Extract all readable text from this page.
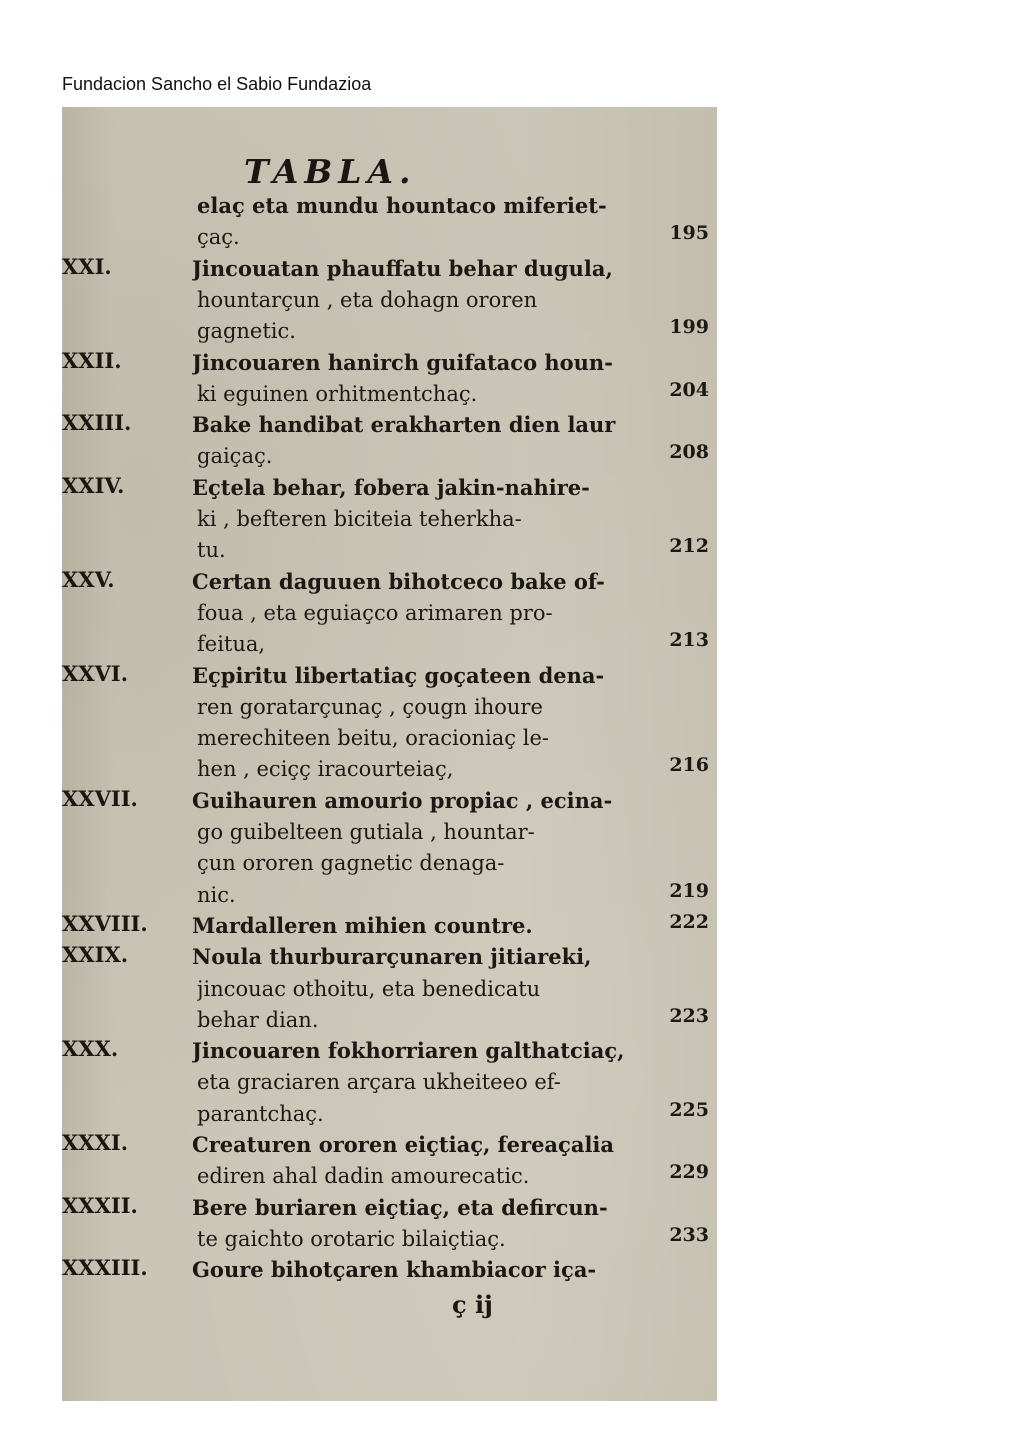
Fundacion Sancho el Sabio Fundazioa
TABLA.
elaç eta mundu hountaco miferiet-
çaç.	195
XXI.	Jincouatan phauffatu behar dugula,
hountarçun , eta dohagn ororen
gagnetic.	199
XXII.	Jincouaren hanirch guifataco houn-
ki eguinen orhitmentchaç.	204
XXIII.	Bake handibat erakharten dien laur
gaiçaç.	208
XXIV.	Eçtela behar, fobera jakin-nahire-
ki , befteren biciteia teherkha-
tu.	212
XXV.	Certan daguuen bihotceco bake of-
foua , eta eguiaçco arimaren pro-
feitua,	213
XXVI.	Eçpiritu libertatiaç goçateen dena-
ren goratarçunaç , çougn ihoure
merechiteen beitu, oracioniaç le-
hen , eciçç iracourteiaç,	216
XXVII.	Guihauren amourio propiac , ecina-
go guibelteen gutiala , hountar-
çun ororen gagnetic denaga-
nic.	219
XXVIII. Mardalleren mihien countre.	222
XXIX.	Noula thurburarçunaren jitiareki,
jincouac othoitu, eta benedicatu
behar dian.	223
XXX.	Jincouaren fokhorriaren galthatciaç,
eta graciaren arçara ukheiteeo ef-
parantchaç.	225
XXXI.	Creaturen ororen eiçtiaç, fereaçalia
ediren ahal dadin amourecatic.	229
XXXII.	Bere buriaren eiçtiaç, eta defircun-
te gaichto orotaric bilaiçtiaç.	233
XXXIII. Goure bihotçaren khambiacor iça-
ç ij
